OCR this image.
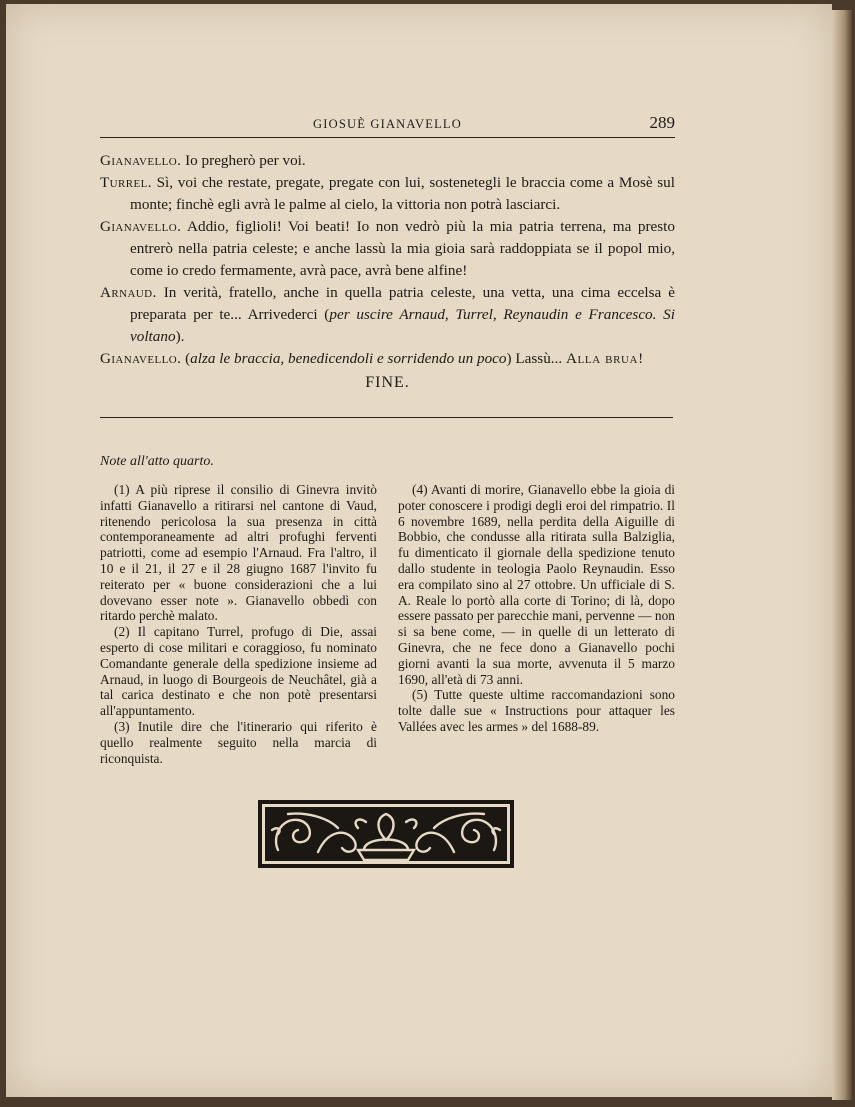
GIOSUÈ GIANAVELLO	289

Gianavello. Io pregherò per voi.

Turrel. Sì, voi che restate, pregate, pregate con lui, sostenetegli le braccia come a Mosè sul monte; finchè egli avrà le palme al cielo, la vittoria non potrà lasciarci.

Gianavello. Addio, figlioli! Voi beati! Io non vedrò più la mia patria terrena, ma presto entrerò nella patria celeste; e anche lassù la mia gioia sarà raddoppiata se il popol mio, come io credo fermamente, avrà pace, avrà bene alfine!

Arnaud. In verità, fratello, anche in quella patria celeste, una vetta, una cima eccelsa è preparata per te... Arrivederci (per uscire Arnaud, Turrel, Reynaudin e Francesco. Si voltano).

Gianavello. (alza le braccia, benedicendoli e sorridendo un poco) Lassù... Alla brua!

FINE.
Note all'atto quarto.

(1) A più riprese il consilio di Ginevra invitò infatti Gianavello a ritirarsi nel cantone di Vaud, ritenendo pericolosa la sua presenza in città contemporaneamente ad altri profughi ferventi patriotti, come ad esempio l'Arnaud. Fra l'altro, il 10 e il 21, il 27 e il 28 giugno 1687 l'invito fu reiterato per « buone considerazioni che a lui dovevano esser note ». Gianavello obbedì con ritardo perchè malato.

(2) Il capitano Turrel, profugo di Die, assai esperto di cose militari e coraggioso, fu nominato Comandante generale della spedizione insieme ad Arnaud, in luogo di Bourgeois de Neuchâtel, già a tal carica destinato e che non potè presentarsi all'appuntamento.

(3) Inutile dire che l'itinerario qui riferito è quello realmente seguito nella marcia di riconquista.

(4) Avanti di morire, Gianavello ebbe la gioia di poter conoscere i prodigi degli eroi del rimpatrio. Il 6 novembre 1689, nella perdita della Aiguille di Bobbio, che condusse alla ritirata sulla Balziglia, fu dimenticato il giornale della spedizione tenuto dallo studente in teologia Paolo Reynaudin. Esso era compilato sino al 27 ottobre. Un ufficiale di S. A. Reale lo portò alla corte di Torino; di là, dopo essere passato per parecchie mani, pervenne — non si sa bene come, — in quelle di un letterato di Ginevra, che ne fece dono a Gianavello pochi giorni avanti la sua morte, avvenuta il 5 marzo 1690, all'età di 73 anni.

(5) Tutte queste ultime raccomandazioni sono tolte dalle sue « Instructions pour attaquer les Vallées avec les armes » del 1688-89.
